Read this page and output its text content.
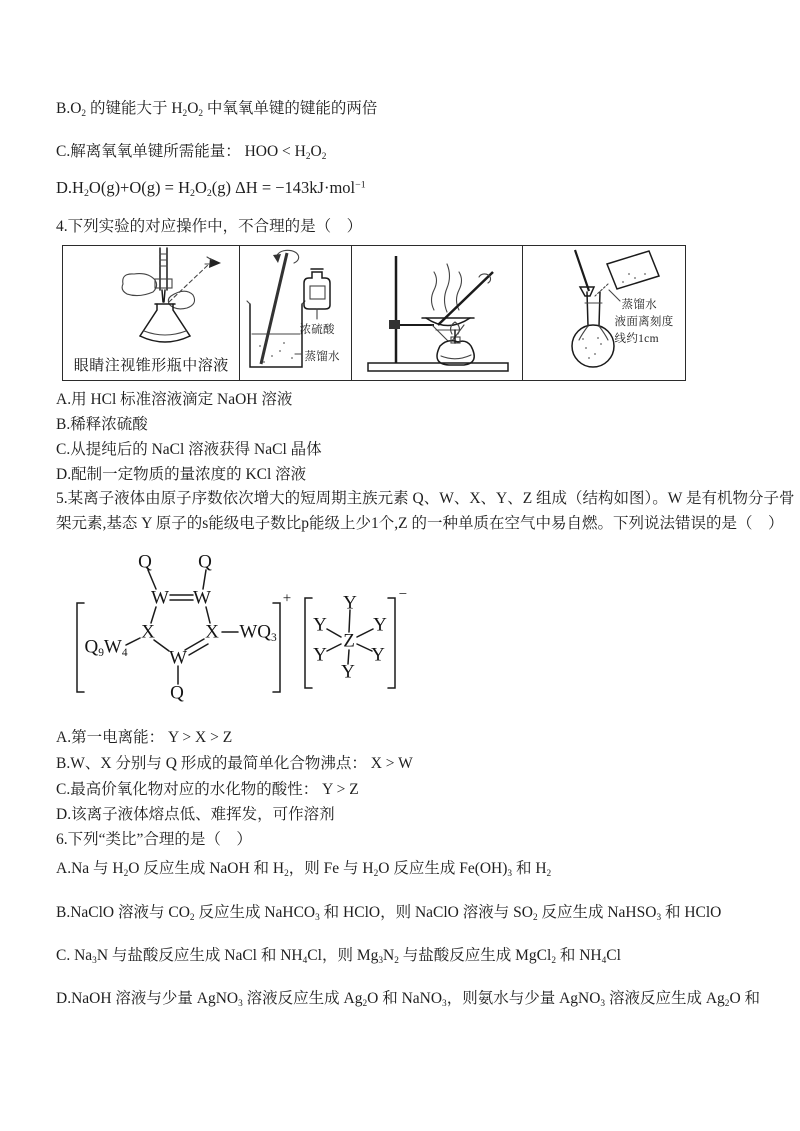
$B.O_2$ 的键能大于 $H_2O_2$ 中氧氧单键的键能的两倍
C.解离氧氧单键所需能量： HOO < $H_2O_2$
$D.H_2O(g)+O(g) = H_2O_2(g) \Delta H = -143kJ\cdot mol^{-1}$
4.下列实验的对应操作中，不合理的是（　）
眼睛注视锥形瓶中溶液
浓硫酸
蒸馏水
蒸馏水
液面离刻度
线约1cm
A.用 HCl 标准溶液滴定 NaOH 溶液
B.稀释浓硫酸
C.从提纯后的 NaCl 溶液获得 NaCl 晶体
D.配制一定物质的量浓度的 KCl 溶液
5.某离子液体由原子序数依次增大的短周期主族元素 Q、W、X、Y、Z 组成（结构如图）。W 是有机物分子骨
架元素,基态 Y 原子的s能级电子数比p能级上少1个,Z 的一种单质在空气中易自燃。下列说法错误的是（　）
Q Q
W W
X	X
W
Q
$Q_9W_4$
$WQ_3$
+	Y
Y Y
Z
Y Y
Y
−
A.第一电离能： Y > X > Z
B.W、X 分别与 Q 形成的最简单化合物沸点： X > W
C.最高价氧化物对应的水化物的酸性： Y > Z
D.该离子液体熔点低、难挥发，可作溶剂
6.下列“类比”合理的是（　）
A.Na 与 $H_2O$ 反应生成 NaOH 和 $H_2$，则 Fe 与 $H_2O$ 反应生成 $Fe(OH)_3$ 和 $H_2$
B.NaClO 溶液与 $CO_2$ 反应生成 NaHCO$_3$ 和 HClO，则 NaClO 溶液与 $SO_2$ 反应生成 NaHSO$_3$ 和 HClO
C. $Na_3N$ 与盐酸反应生成 NaCl 和 $NH_4Cl$，则 $Mg_3N_2$ 与盐酸反应生成 MgCl$_2$ 和 $NH_4Cl$
D.NaOH 溶液与少量 AgNO$_3$ 溶液反应生成 $Ag_2O$ 和 NaNO$_3$，则氨水与少量 AgNO$_3$ 溶液反应生成 $Ag_2O$ 和
